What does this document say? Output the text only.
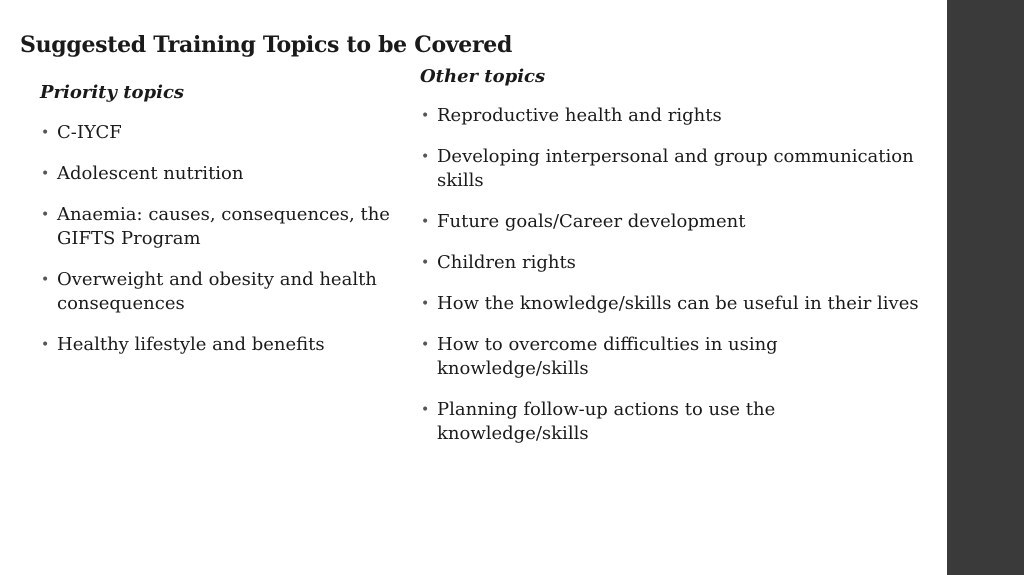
Suggested Training Topics to be Covered
Priority topics
• C-IYCF
• Adolescent nutrition
• Anaemia: causes, consequences, the GIFTS Program
• Overweight and obesity and health consequences
• Healthy lifestyle and benefits
Other topics
• Reproductive health and rights
• Developing interpersonal and group communication skills
• Future goals/Career development
• Children rights
• How the knowledge/skills can be useful in their lives
• How to overcome difficulties in using knowledge/skills
• Planning follow-up actions to use the knowledge/skills
